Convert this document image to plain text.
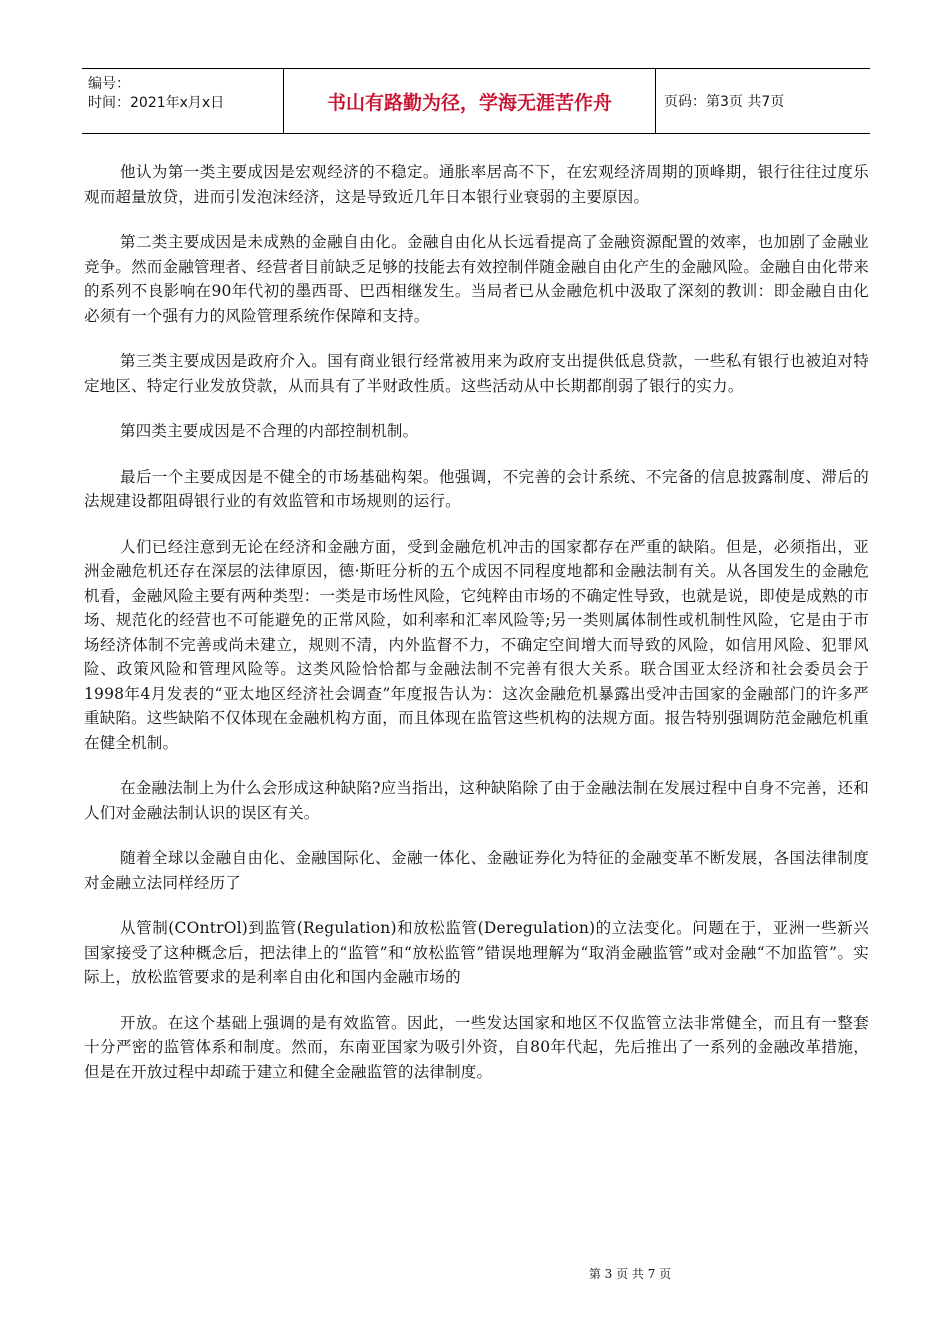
编号：
时间：2021年x月x日	书山有路勤为径，学海无涯苦作舟	页码：第3页 共7页

他认为第一类主要成因是宏观经济的不稳定。通胀率居高不下，在宏观经济周期的顶峰期，银行往往过度乐观而超量放贷，进而引发泡沫经济，这是导致近几年日本银行业衰弱的主要原因。

第二类主要成因是未成熟的金融自由化。金融自由化从长远看提高了金融资源配置的效率，也加剧了金融业竞争。然而金融管理者、经营者目前缺乏足够的技能去有效控制伴随金融自由化产生的金融风险。金融自由化带来的系列不良影响在90年代初的墨西哥、巴西相继发生。当局者已从金融危机中汲取了深刻的教训：即金融自由化必须有一个强有力的风险管理系统作保障和支持。

第三类主要成因是政府介入。国有商业银行经常被用来为政府支出提供低息贷款，一些私有银行也被迫对特定地区、特定行业发放贷款，从而具有了半财政性质。这些活动从中长期都削弱了银行的实力。

第四类主要成因是不合理的内部控制机制。

最后一个主要成因是不健全的市场基础构架。他强调，不完善的会计系统、不完备的信息披露制度、滞后的法规建设都阻碍银行业的有效监管和市场规则的运行。

人们已经注意到无论在经济和金融方面，受到金融危机冲击的国家都存在严重的缺陷。但是，必须指出，亚洲金融危机还存在深层的法律原因，德·斯旺分析的五个成因不同程度地都和金融法制有关。从各国发生的金融危机看，金融风险主要有两种类型：一类是市场性风险，它纯粹由市场的不确定性导致，也就是说，即使是成熟的市场、规范化的经营也不可能避免的正常风险，如利率和汇率风险等;另一类则属体制性或机制性风险，它是由于市场经济体制不完善或尚未建立，规则不清，内外监督不力，不确定空间增大而导致的风险，如信用风险、犯罪风险、政策风险和管理风险等。这类风险恰恰都与金融法制不完善有很大关系。联合国亚太经济和社会委员会于1998年4月发表的“亚太地区经济社会调查”年度报告认为：这次金融危机暴露出受冲击国家的金融部门的许多严重缺陷。这些缺陷不仅体现在金融机构方面，而且体现在监管这些机构的法规方面。报告特别强调防范金融危机重在健全机制。

在金融法制上为什么会形成这种缺陷?应当指出，这种缺陷除了由于金融法制在发展过程中自身不完善，还和人们对金融法制认识的误区有关。

随着全球以金融自由化、金融国际化、金融一体化、金融证券化为特征的金融变革不断发展，各国法律制度对金融立法同样经历了

从管制(COntrOl)到监管(Regulation)和放松监管(Deregulation)的立法变化。问题在于，亚洲一些新兴国家接受了这种概念后，把法律上的“监管”和“放松监管”错误地理解为“取消金融监管”或对金融“不加监管”。实际上，放松监管要求的是利率自由化和国内金融市场的

开放。在这个基础上强调的是有效监管。因此，一些发达国家和地区不仅监管立法非常健全，而且有一整套十分严密的监管体系和制度。然而，东南亚国家为吸引外资，自80年代起，先后推出了一系列的金融改革措施，但是在开放过程中却疏于建立和健全金融监管的法律制度。

第 3 页 共 7 页
